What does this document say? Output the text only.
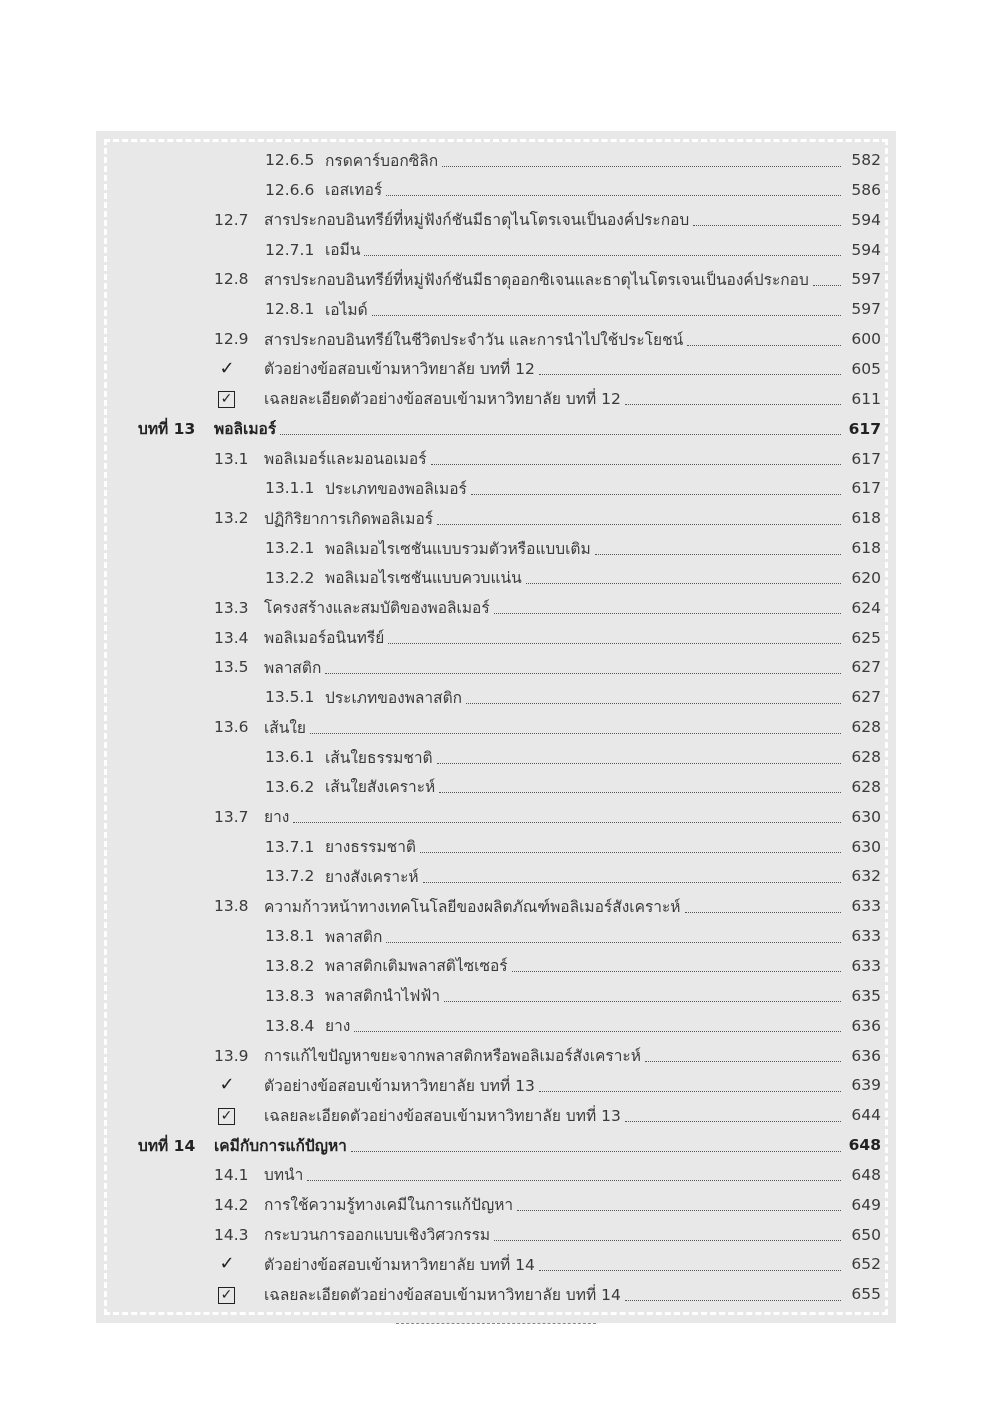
12.6.5 กรดคาร์บอกซิลิก	582
12.6.6 เอสเทอร์	586
12.7 สารประกอบอินทรีย์ที่หมู่ฟังก์ชันมีธาตุไนโตรเจนเป็นองค์ประกอบ	594
12.7.1 เอมีน	594
12.8 สารประกอบอินทรีย์ที่หมู่ฟังก์ชันมีธาตุออกซิเจนและธาตุไนโตรเจนเป็นองค์ประกอบ	597
12.8.1 เอไมด์	597
12.9 สารประกอบอินทรีย์ในชีวิตประจำวัน และการนำไปใช้ประโยชน์	600
✓	ตัวอย่างข้อสอบเข้ามหาวิทยาลัย บทที่ 12	605
✓	เฉลยละเอียดตัวอย่างข้อสอบเข้ามหาวิทยาลัย บทที่ 12	611
บทที่ 13	พอลิเมอร์	617
13.1 พอลิเมอร์และมอนอเมอร์	617
13.1.1 ประเภทของพอลิเมอร์	617
13.2 ปฏิกิริยาการเกิดพอลิเมอร์	618
13.2.1 พอลิเมอไรเซชันแบบรวมตัวหรือแบบเติม	618
13.2.2 พอลิเมอไรเซชันแบบควบแน่น	620
13.3 โครงสร้างและสมบัติของพอลิเมอร์	624
13.4 พอลิเมอร์อนินทรีย์	625
13.5 พลาสติก	627
13.5.1 ประเภทของพลาสติก	627
13.6 เส้นใย	628
13.6.1 เส้นใยธรรมชาติ	628
13.6.2 เส้นใยสังเคราะห์	628
13.7 ยาง	630
13.7.1 ยางธรรมชาติ	630
13.7.2 ยางสังเคราะห์	632
13.8 ความก้าวหน้าทางเทคโนโลยีของผลิตภัณฑ์พอลิเมอร์สังเคราะห์	633
13.8.1 พลาสติก	633
13.8.2 พลาสติกเติมพลาสติไซเซอร์	633
13.8.3 พลาสติกนำไฟฟ้า	635
13.8.4 ยาง	636
13.9 การแก้ไขปัญหาขยะจากพลาสติกหรือพอลิเมอร์สังเคราะห์	636
✓	ตัวอย่างข้อสอบเข้ามหาวิทยาลัย บทที่ 13	639
✓	เฉลยละเอียดตัวอย่างข้อสอบเข้ามหาวิทยาลัย บทที่ 13	644
บทที่ 14	เคมีกับการแก้ปัญหา	648
14.1 บทนำ	648
14.2 การใช้ความรู้ทางเคมีในการแก้ปัญหา	649
14.3 กระบวนการออกแบบเชิงวิศวกรรม	650
✓	ตัวอย่างข้อสอบเข้ามหาวิทยาลัย บทที่ 14	652
✓	เฉลยละเอียดตัวอย่างข้อสอบเข้ามหาวิทยาลัย บทที่ 14	655
